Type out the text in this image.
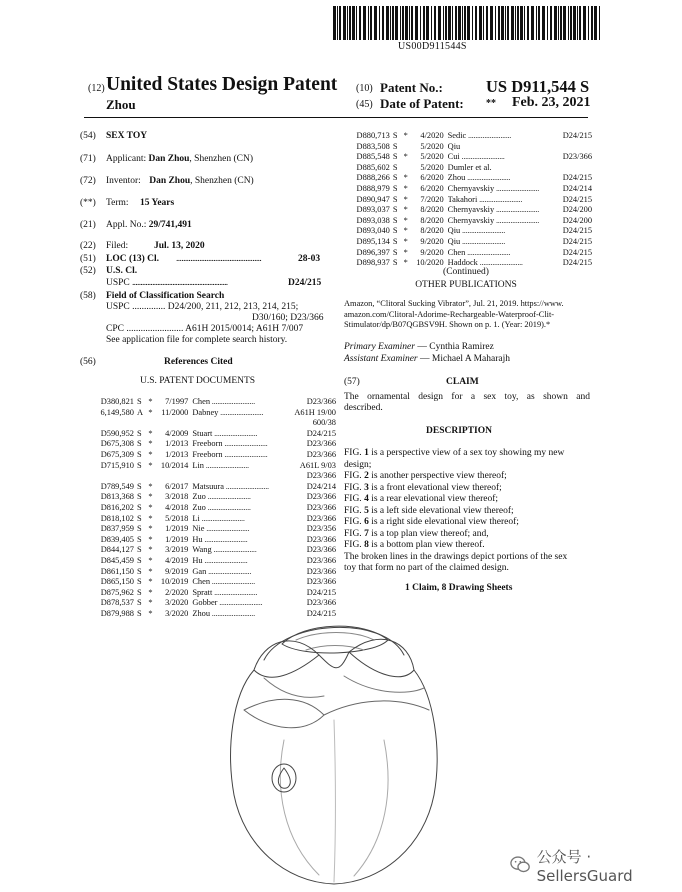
US00D911544S
(12) United States Design Patent (10) Patent No.:	US D911,544 S
Zhou	(45) Date of Patent: ** Feb. 23, 2021
(54) SEX TOY
(71) Applicant: Dan Zhou, Shenzhen (CN)
(72) Inventor: Dan Zhou, Shenzhen (CN)
(**) Term: 15 Years
(21) Appl. No.: 29/741,491
(22) Filed:	Jul. 13, 2020
(51) LOC (13) Cl. ................................................	28-03
(52) U.S. Cl.
USPC .........................................................	D24/215
(58) Field of Classification Search
USPC .............. D24/200, 211, 212, 213, 214, 215;
D30/160; D23/366
CPC ........................ A61H 2015/0014; A61H 7/007
See application file for complete search history.
(56)	References Cited
U.S. PATENT DOCUMENTS
D380,821	S	*	7/1997	Chen ........................	D23/366
6,149,580	A	*	11/2000	Dabney ........................	A61H 19/00
					600/38
D590,952	S	*	4/2009	Stuart ........................	D24/215
D675,308	S	*	1/2013	Freeborn ........................	D23/366
D675,309	S	*	1/2013	Freeborn ........................	D23/366
D715,910	S	*	10/2014	Lin ........................	A61L 9/03
					D23/366
D789,549	S	*	6/2017	Matsuura ........................	D24/214
D813,368	S	*	3/2018	Zuo ........................	D23/366
D816,202	S	*	4/2018	Zuo ........................	D23/366
D818,102	S	*	5/2018	Li ........................	D23/366
D837,959	S	*	1/2019	Nie ........................	D23/356
D839,405	S	*	1/2019	Hu ........................	D23/366
D844,127	S	*	3/2019	Wang ........................	D23/366
D845,459	S	*	4/2019	Hu ........................	D23/366
D861,150	S	*	9/2019	Gan ........................	D23/366
D865,150	S	*	10/2019	Chen ........................	D23/366
D875,962	S	*	2/2020	Spratt ........................	D24/215
D878,537	S	*	3/2020	Gobber ........................	D23/366
D879,988	S	*	3/2020	Zhou ........................	D24/215
D880,713	S	*	4/2020	Sedic ........................	D24/215
D883,508	S		5/2020	Qiu	
D885,548	S	*	5/2020	Cui ........................	D23/366
D885,602	S		5/2020	Dumler et al.	
D888,266	S	*	6/2020	Zhou ........................	D24/215
D888,979	S	*	6/2020	Chernyavskiy ........................	D24/214
D890,947	S	*	7/2020	Takahori ........................	D24/215
D893,037	S	*	8/2020	Chernyavskiy ........................	D24/200
D893,038	S	*	8/2020	Chernyavskiy ........................	D24/200
D893,040	S	*	8/2020	Qiu ........................	D24/215
D895,134	S	*	9/2020	Qiu ........................	D24/215
D896,397	S	*	9/2020	Chen ........................	D24/215
D898,937	S	*	10/2020	Haddock ........................	D24/215
(Continued)
OTHER PUBLICATIONS
Amazon, “Clitoral Sucking Vibrator”, Jul. 21, 2019. https://www.
amazon.com/Clitoral-Adorime-Rechargeable-Waterproof-Clit-
Stimulator/dp/B07QGBSV9H. Shown on p. 1. (Year: 2019).*
Primary Examiner — Cynthia Ramirez
Assistant Examiner — Michael A Maharajh
(57)	CLAIM
The ornamental design for a sex toy, as shown and
described.
DESCRIPTION
FIG. 1 is a perspective view of a sex toy showing my new
design;
FIG. 2 is another perspective view thereof;
FIG. 3 is a front elevational view thereof;
FIG. 4 is a rear elevational view thereof;
FIG. 5 is a left side elevational view thereof;
FIG. 6 is a right side elevational view thereof;
FIG. 7 is a top plan view thereof; and,
FIG. 8 is a bottom plan view thereof.
The broken lines in the drawings depict portions of the sex
toy that form no part of the claimed design.
1 Claim, 8 Drawing Sheets
公众号 · SellersGuard
